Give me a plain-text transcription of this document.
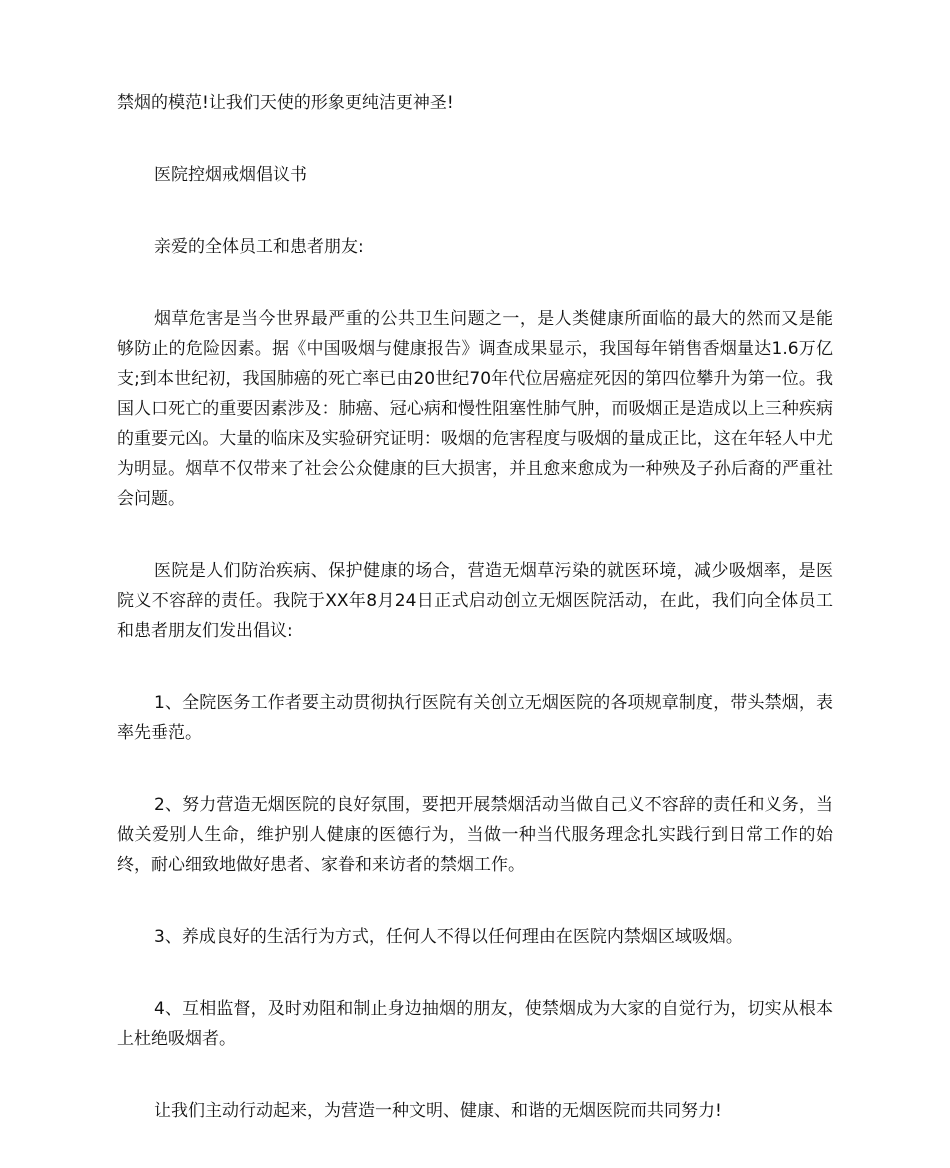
禁烟的模范!让我们天使的形象更纯洁更神圣!

医院控烟戒烟倡议书

亲爱的全体员工和患者朋友:

烟草危害是当今世界最严重的公共卫生问题之一，是人类健康所面临的最大的然而又是能够防止的危险因素。据《中国吸烟与健康报告》调查成果显示，我国每年销售香烟量达1.6万亿支;到本世纪初，我国肺癌的死亡率已由20世纪70年代位居癌症死因的第四位攀升为第一位。我国人口死亡的重要因素涉及：肺癌、冠心病和慢性阻塞性肺气肿，而吸烟正是造成以上三种疾病的重要元凶。大量的临床及实验研究证明：吸烟的危害程度与吸烟的量成正比，这在年轻人中尤为明显。烟草不仅带来了社会公众健康的巨大损害，并且愈来愈成为一种殃及子孙后裔的严重社会问题。

医院是人们防治疾病、保护健康的场合，营造无烟草污染的就医环境，减少吸烟率，是医院义不容辞的责任。我院于XX年8月24日正式启动创立无烟医院活动，在此，我们向全体员工和患者朋友们发出倡议:

1、全院医务工作者要主动贯彻执行医院有关创立无烟医院的各项规章制度，带头禁烟，表率先垂范。

2、努力营造无烟医院的良好氛围，要把开展禁烟活动当做自己义不容辞的责任和义务，当做关爱别人生命，维护别人健康的医德行为，当做一种当代服务理念扎实践行到日常工作的始终，耐心细致地做好患者、家眷和来访者的禁烟工作。

3、养成良好的生活行为方式，任何人不得以任何理由在医院内禁烟区域吸烟。

4、互相监督，及时劝阻和制止身边抽烟的朋友，使禁烟成为大家的自觉行为，切实从根本上杜绝吸烟者。

让我们主动行动起来，为营造一种文明、健康、和谐的无烟医院而共同努力!
